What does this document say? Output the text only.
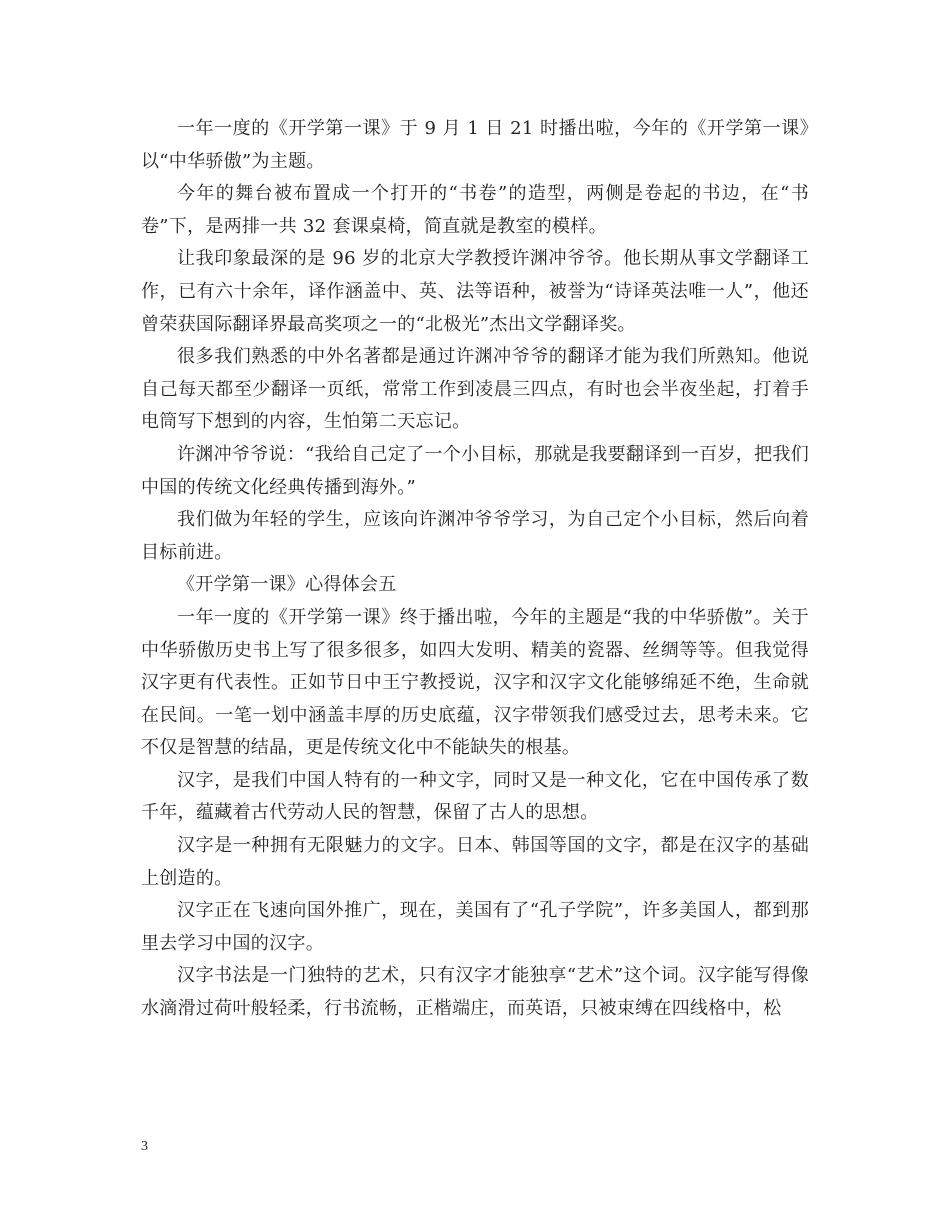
一年一度的《开学第一课》于 9 月 1 日 21 时播出啦，今年的《开学第一课》以“中华骄傲”为主题。

今年的舞台被布置成一个打开的“书卷”的造型，两侧是卷起的书边，在“书卷”下，是两排一共 32 套课桌椅，简直就是教室的模样。

让我印象最深的是 96 岁的北京大学教授许渊冲爷爷。他长期从事文学翻译工作，已有六十余年，译作涵盖中、英、法等语种，被誉为“诗译英法唯一人”，他还曾荣获国际翻译界最高奖项之一的“北极光”杰出文学翻译奖。

很多我们熟悉的中外名著都是通过许渊冲爷爷的翻译才能为我们所熟知。他说自己每天都至少翻译一页纸，常常工作到凌晨三四点，有时也会半夜坐起，打着手电筒写下想到的内容，生怕第二天忘记。

许渊冲爷爷说：“我给自己定了一个小目标，那就是我要翻译到一百岁，把我们中国的传统文化经典传播到海外。”

我们做为年轻的学生，应该向许渊冲爷爷学习，为自己定个小目标，然后向着目标前进。

《开学第一课》心得体会五

一年一度的《开学第一课》终于播出啦，今年的主题是“我的中华骄傲”。关于中华骄傲历史书上写了很多很多，如四大发明、精美的瓷器、丝绸等等。但我觉得汉字更有代表性。正如节日中王宁教授说，汉字和汉字文化能够绵延不绝，生命就在民间。一笔一划中涵盖丰厚的历史底蕴，汉字带领我们感受过去，思考未来。它不仅是智慧的结晶，更是传统文化中不能缺失的根基。

汉字，是我们中国人特有的一种文字，同时又是一种文化，它在中国传承了数千年，蕴藏着古代劳动人民的智慧，保留了古人的思想。

汉字是一种拥有无限魅力的文字。日本、韩国等国的文字，都是在汉字的基础上创造的。

汉字正在飞速向国外推广，现在，美国有了“孔子学院”，许多美国人，都到那里去学习中国的汉字。

汉字书法是一门独特的艺术，只有汉字才能独享“艺术”这个词。汉字能写得像水滴滑过荷叶般轻柔，行书流畅，正楷端庄，而英语，只被束缚在四线格中，松

3
